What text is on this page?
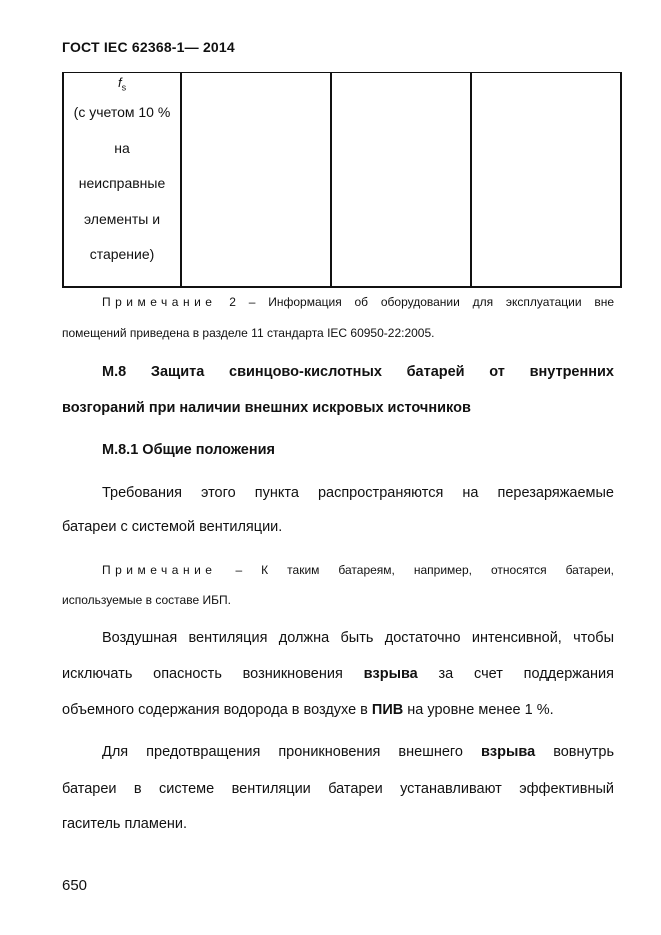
ГОСТ IEC 62368-1— 2014
$f_s$
(с учетом 10 %
на
неисправные
элементы и
старение)			
Примечание 2 – Информация об оборудовании для эксплуатации вне
помещений приведена в разделе 11 стандарта IEC 60950-22:2005.
М.8 Защита свинцово-кислотных батарей от внутренних
возгораний при наличии внешних искровых источников
М.8.1 Общие положения
Требования этого пункта распространяются на перезаряжаемые
батареи с системой вентиляции.
Примечание – К таким батареям, например, относятся батареи,
используемые в составе ИБП.
Воздушная вентиляция должна быть достаточно интенсивной, чтобы
исключать опасность возникновения взрыва за счет поддержания
объемного содержания водорода в воздухе в ПИВ на уровне менее 1 %.
Для предотвращения проникновения внешнего взрыва вовнутрь
батареи в системе вентиляции батареи устанавливают эффективный
гаситель пламени.
650
